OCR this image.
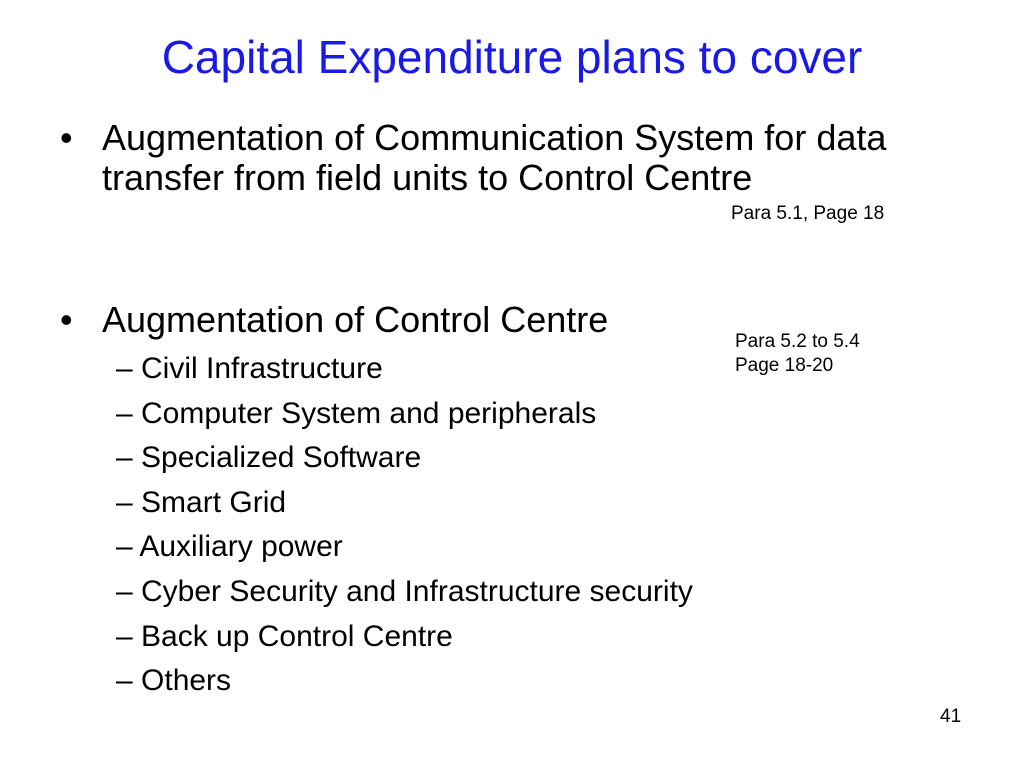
Capital Expenditure plans to cover
• Augmentation of Communication System for data transfer from field units to Control Centre
Para 5.1, Page 18
• Augmentation of Control Centre
Para 5.2 to 5.4
Page 18-20
– Civil Infrastructure
– Computer System and peripherals
– Specialized Software
– Smart Grid
– Auxiliary power
– Cyber Security and Infrastructure security
– Back up Control Centre
– Others
41
